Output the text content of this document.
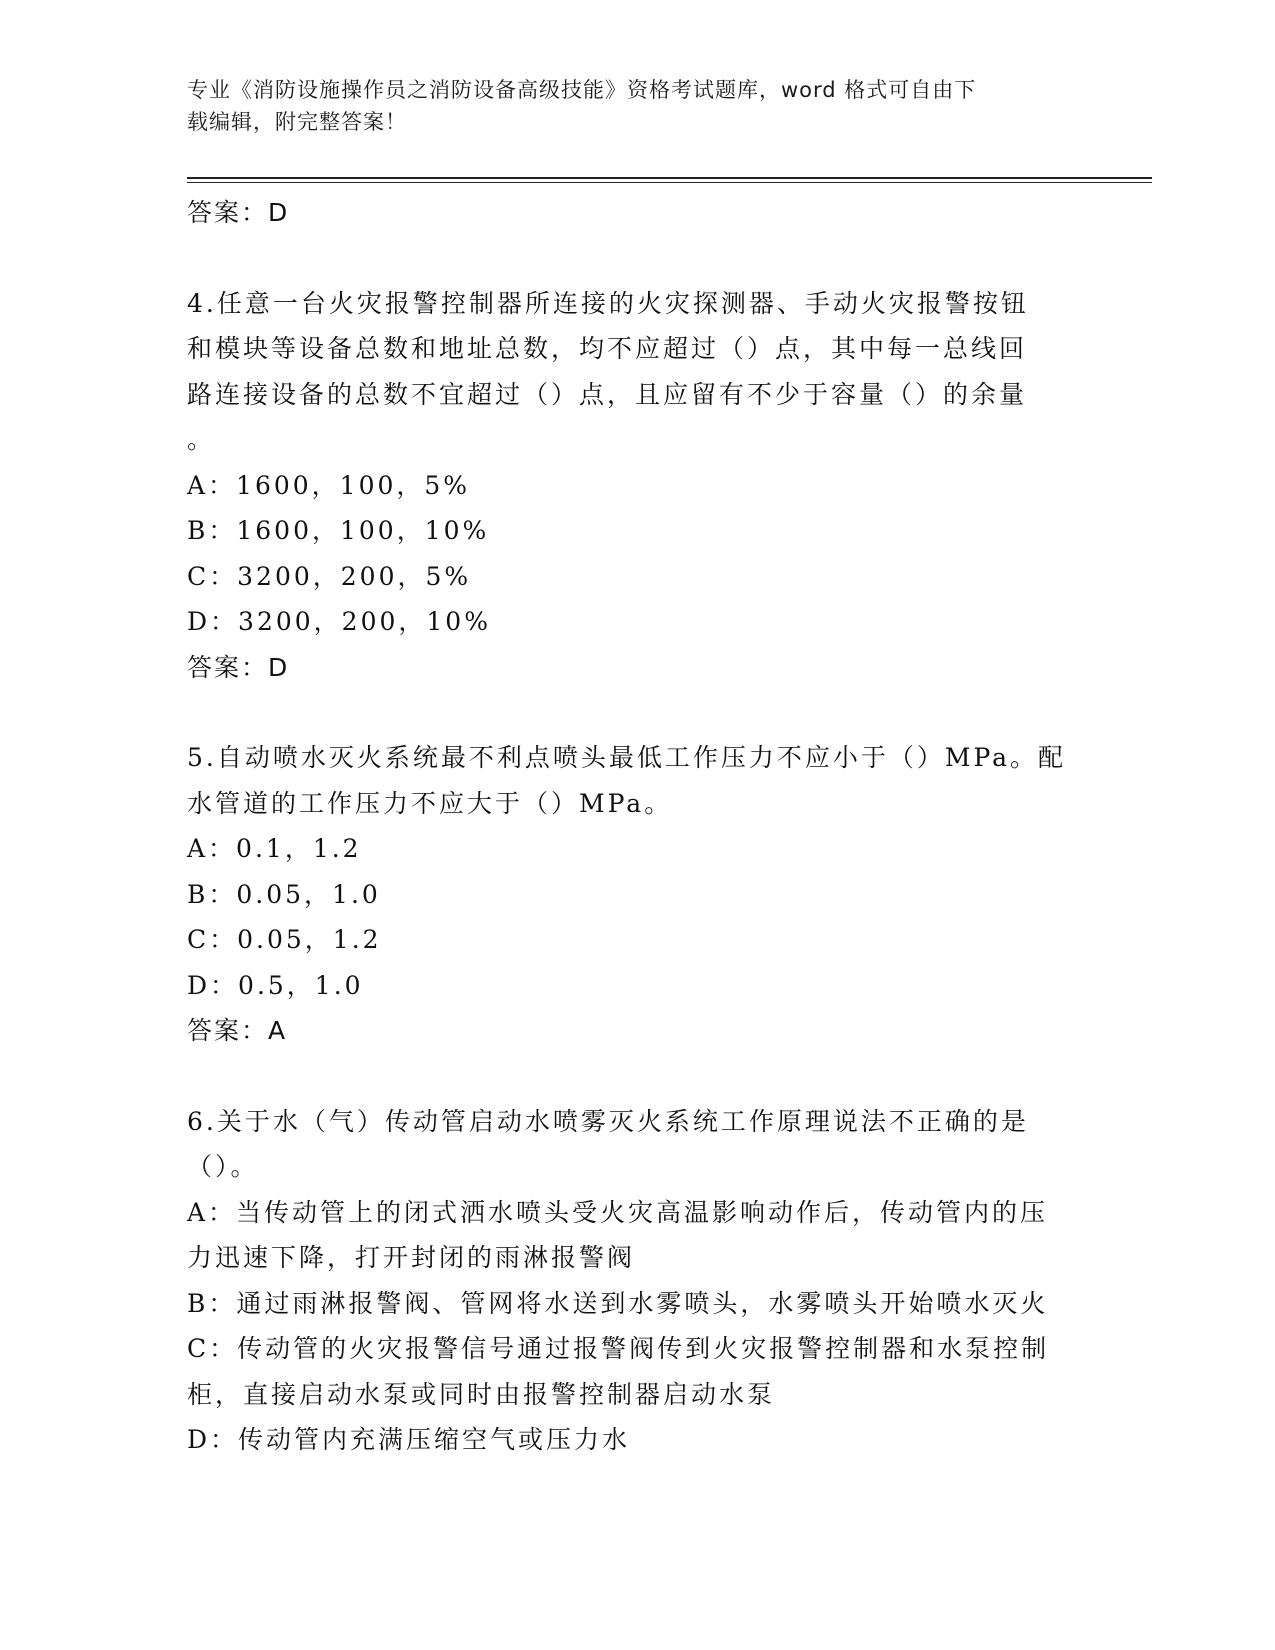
专业《消防设施操作员之消防设备高级技能》资格考试题库，word 格式可自由下
载编辑，附完整答案！
答案：D
4.任意一台火灾报警控制器所连接的火灾探测器、手动火灾报警按钮
和模块等设备总数和地址总数，均不应超过（）点，其中每一总线回
路连接设备的总数不宜超过（）点，且应留有不少于容量（）的余量
。
A：1600，100，5%
B：1600，100，10%
C：3200，200，5%
D：3200，200，10%
答案：D
5.自动喷水灭火系统最不利点喷头最低工作压力不应小于（）MPa。配
水管道的工作压力不应大于（）MPa。
A：0.1，1.2
B：0.05，1.0
C：0.05，1.2
D：0.5，1.0
答案：A
6.关于水（气）传动管启动水喷雾灭火系统工作原理说法不正确的是
（）。
A：当传动管上的闭式洒水喷头受火灾高温影响动作后，传动管内的压
力迅速下降，打开封闭的雨淋报警阀
B：通过雨淋报警阀、管网将水送到水雾喷头，水雾喷头开始喷水灭火
C：传动管的火灾报警信号通过报警阀传到火灾报警控制器和水泵控制
柜，直接启动水泵或同时由报警控制器启动水泵
D：传动管内充满压缩空气或压力水
